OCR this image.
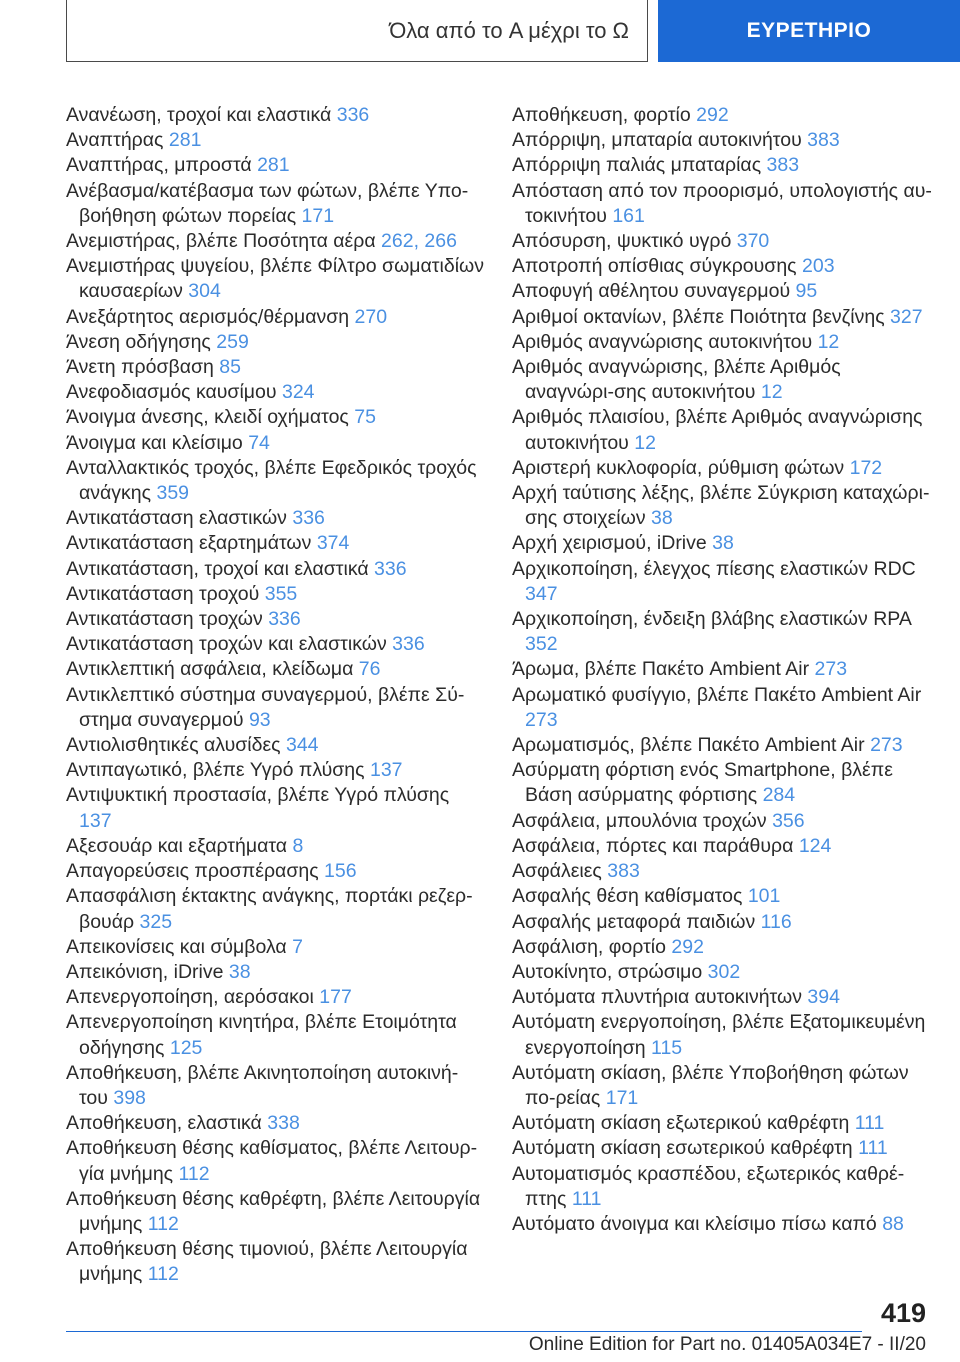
Όλα από το A μέχρι το Ω	ΕΥΡΕΤΗΡΙΟ
Ανανέωση, τροχοί και ελαστικά 336
Αναπτήρας 281
Αναπτήρας, μπροστά 281
Ανέβασμα/κατέβασμα των φώτων, βλέπε Υπο-βοήθηση φώτων πορείας 171
Ανεμιστήρας, βλέπε Ποσότητα αέρα 262, 266
Ανεμιστήρας ψυγείου, βλέπε Φίλτρο σωματιδίων καυσαερίων 304
Ανεξάρτητος αερισμός/θέρμανση 270
Άνεση οδήγησης 259
Άνετη πρόσβαση 85
Ανεφοδιασμός καυσίμου 324
Άνοιγμα άνεσης, κλειδί οχήματος 75
Άνοιγμα και κλείσιμο 74
Ανταλλακτικός τροχός, βλέπε Εφεδρικός τροχός ανάγκης 359
Αντικατάσταση ελαστικών 336
Αντικατάσταση εξαρτημάτων 374
Αντικατάσταση, τροχοί και ελαστικά 336
Αντικατάσταση τροχού 355
Αντικατάσταση τροχών 336
Αντικατάσταση τροχών και ελαστικών 336
Αντικλεπτική ασφάλεια, κλείδωμα 76
Αντικλεπτικό σύστημα συναγερμού, βλέπε Σύ-στημα συναγερμού 93
Αντιολισθητικές αλυσίδες 344
Αντιπαγωτικό, βλέπε Υγρό πλύσης 137
Αντιψυκτική προστασία, βλέπε Υγρό πλύσης 137
Αξεσουάρ και εξαρτήματα 8
Απαγορεύσεις προσπέρασης 156
Απασφάλιση έκτακτης ανάγκης, πορτάκι ρεζερ-βουάρ 325
Απεικονίσεις και σύμβολα 7
Απεικόνιση, iDrive 38
Απενεργοποίηση, αερόσακοι 177
Απενεργοποίηση κινητήρα, βλέπε Ετοιμότητα οδήγησης 125
Αποθήκευση, βλέπε Ακινητοποίηση αυτοκινή-του 398
Αποθήκευση, ελαστικά 338
Αποθήκευση θέσης καθίσματος, βλέπε Λειτουρ-γία μνήμης 112
Αποθήκευση θέσης καθρέφτη, βλέπε Λειτουργία μνήμης 112
Αποθήκευση θέσης τιμονιού, βλέπε Λειτουργία μνήμης 112
Αποθήκευση, φορτίο 292
Απόρριψη, μπαταρία αυτοκινήτου 383
Απόρριψη παλιάς μπαταρίας 383
Απόσταση από τον προορισμό, υπολογιστής αυ-τοκινήτου 161
Απόσυρση, ψυκτικό υγρό 370
Αποτροπή οπίσθιας σύγκρουσης 203
Αποφυγή αθέλητου συναγερμού 95
Αριθμοί οκτανίων, βλέπε Ποιότητα βενζίνης 327
Αριθμός αναγνώρισης αυτοκινήτου 12
Αριθμός αναγνώρισης, βλέπε Αριθμός αναγνώρι-σης αυτοκινήτου 12
Αριθμός πλαισίου, βλέπε Αριθμός αναγνώρισης αυτοκινήτου 12
Αριστερή κυκλοφορία, ρύθμιση φώτων 172
Αρχή ταύτισης λέξης, βλέπε Σύγκριση καταχώρι-σης στοιχείων 38
Αρχή χειρισμού, iDrive 38
Αρχικοποίηση, έλεγχος πίεσης ελαστικών RDC 347
Αρχικοποίηση, ένδειξη βλάβης ελαστικών RPA 352
Άρωμα, βλέπε Πακέτο Ambient Air 273
Αρωματικό φυσίγγιο, βλέπε Πακέτο Ambient Air 273
Αρωματισμός, βλέπε Πακέτο Ambient Air 273
Ασύρματη φόρτιση ενός Smartphone, βλέπε Βάση ασύρματης φόρτισης 284
Ασφάλεια, μπουλόνια τροχών 356
Ασφάλεια, πόρτες και παράθυρα 124
Ασφάλειες 383
Ασφαλής θέση καθίσματος 101
Ασφαλής μεταφορά παιδιών 116
Ασφάλιση, φορτίο 292
Αυτοκίνητο, στρώσιμο 302
Αυτόματα πλυντήρια αυτοκινήτων 394
Αυτόματη ενεργοποίηση, βλέπε Εξατομικευμένη ενεργοποίηση 115
Αυτόματη σκίαση, βλέπε Υποβοήθηση φώτων πο-ρείας 171
Αυτόματη σκίαση εξωτερικού καθρέφτη 111
Αυτόματη σκίαση εσωτερικού καθρέφτη 111
Αυτοματισμός κρασπέδου, εξωτερικός καθρέ-πτης 111
Αυτόματο άνοιγμα και κλείσιμο πίσω καπό 88
419
Online Edition for Part no. 01405A034E7 - II/20
